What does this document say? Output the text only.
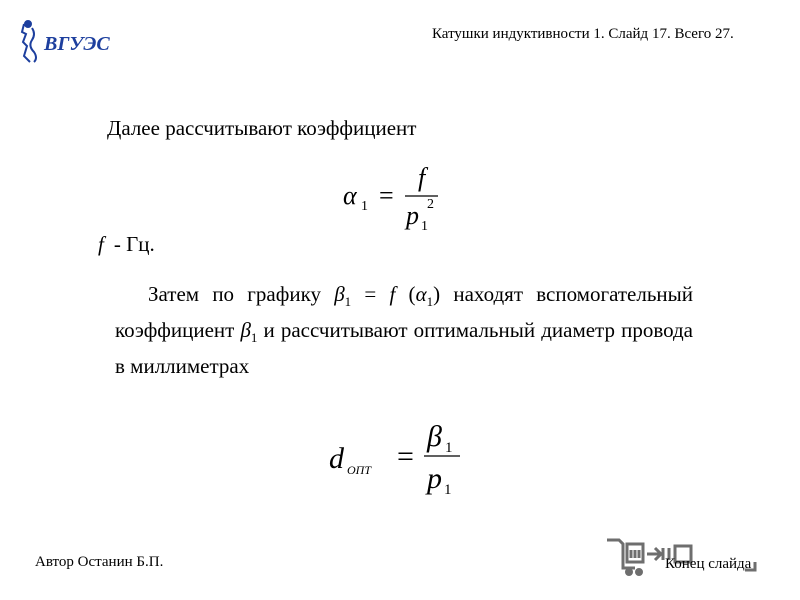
ВГУЭС	Катушки индуктивности 1. Слайд 17. Всего 27.
Далее рассчитывают коэффициент
α 1 =
f
p 1
2
f - Гц.
Затем по графику $\beta_1 = f$ $(\alpha_1)$ находят вспомогательный коэффициент $\beta_1$ и рассчитывают оптимальный диаметр провода в миллиметрах
d ОПТ =
β 1
p 1
Автор Останин Б.П.	Конец слайда
